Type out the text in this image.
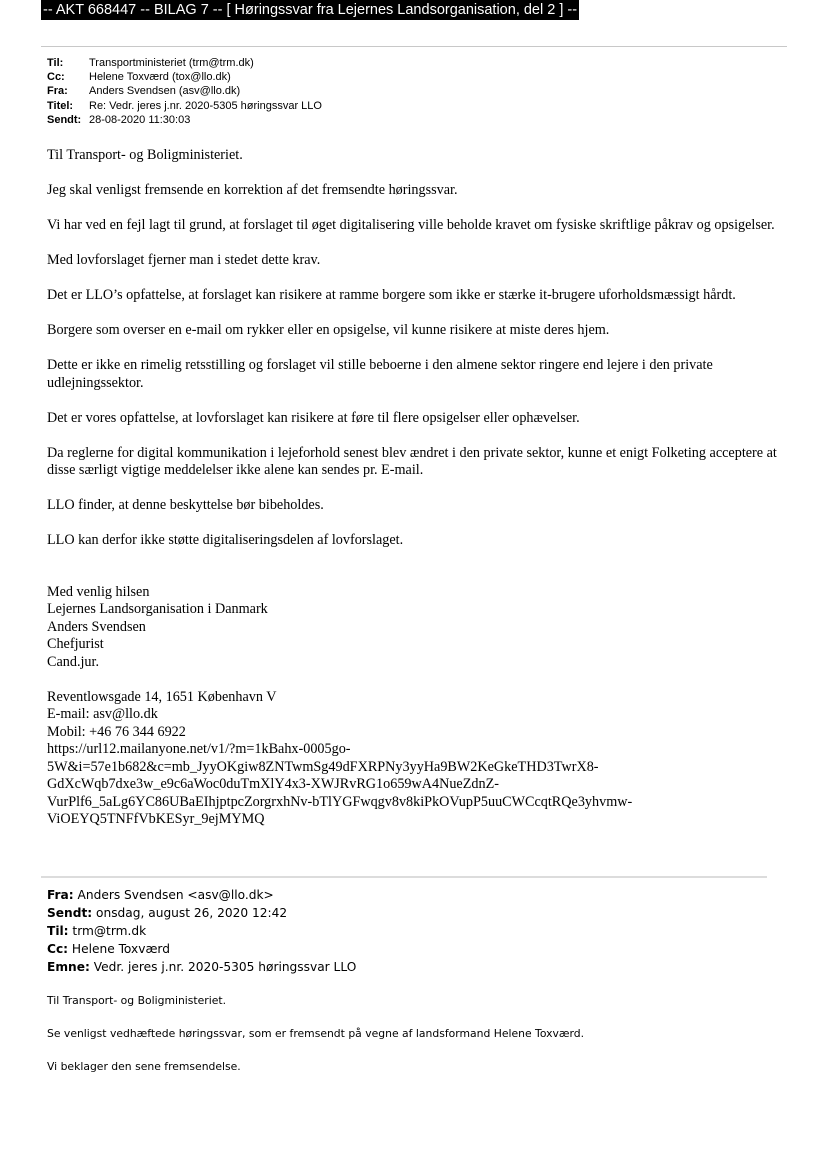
-- AKT 668447 -- BILAG 7 -- [ Høringssvar fra Lejernes Landsorganisation, del 2 ] --
Til:	Transportministeriet (trm@trm.dk)
Cc:	Helene Toxværd (tox@llo.dk)
Fra:	Anders Svendsen (asv@llo.dk)
Titel:	Re: Vedr. jeres j.nr. 2020-5305 høringssvar LLO
Sendt: 28-08-2020 11:30:03

Til Transport- og Boligministeriet.

Jeg skal venligst fremsende en korrektion af det fremsendte høringssvar.

Vi har ved en fejl lagt til grund, at forslaget til øget digitalisering ville beholde kravet om fysiske skriftlige påkrav og opsigelser.

Med lovforslaget fjerner man i stedet dette krav.

Det er LLO’s opfattelse, at forslaget kan risikere at ramme borgere som ikke er stærke it-brugere uforholdsmæssigt hårdt.

Borgere som overser en e-mail om rykker eller en opsigelse, vil kunne risikere at miste deres hjem.

Dette er ikke en rimelig retsstilling og forslaget vil stille beboerne i den almene sektor ringere end lejere i den private udlejningssektor.

Det er vores opfattelse, at lovforslaget kan risikere at føre til flere opsigelser eller ophævelser.

Da reglerne for digital kommunikation i lejeforhold senest blev ændret i den private sektor, kunne et enigt Folketing acceptere at disse særligt vigtige meddelelser ikke alene kan sendes pr. E-mail.

LLO finder, at denne beskyttelse bør bibeholdes.

LLO kan derfor ikke støtte digitaliseringsdelen af lovforslaget.

Med venlig hilsen
Lejernes Landsorganisation i Danmark
Anders Svendsen
Chefjurist
Cand.jur.
Reventlowsgade 14, 1651 København V
E-mail: asv@llo.dk
Mobil: +46 76 344 6922
https://url12.mailanyone.net/v1/?m=1kBahx-0005go-
5W&i=57e1b682&c=mb_JyyOKgiw8ZNTwmSg49dFXRPNy3yyHa9BW2KeGkeTHD3TwrX8-
GdXcWqb7dxe3w_e9c6aWoc0duTmXlY4x3-XWJRvRG1o659wA4NueZdnZ-
VurPlf6_5aLg6YC86UBaEIhjptpcZorgrxhNv-bTlYGFwqgv8v8kiPkOVupP5uuCWCcqtRQe3yhvmw-
ViOEYQ5TNFfVbKESyr_9ejMYMQ
Fra: Anders Svendsen <asv@llo.dk>
Sendt: onsdag, august 26, 2020 12:42
Til: trm@trm.dk
Cc: Helene Toxværd
Emne: Vedr. jeres j.nr. 2020-5305 høringssvar LLO

Til Transport- og Boligministeriet.

Se venligst vedhæftede høringssvar, som er fremsendt på vegne af landsformand Helene Toxværd.

Vi beklager den sene fremsendelse.
